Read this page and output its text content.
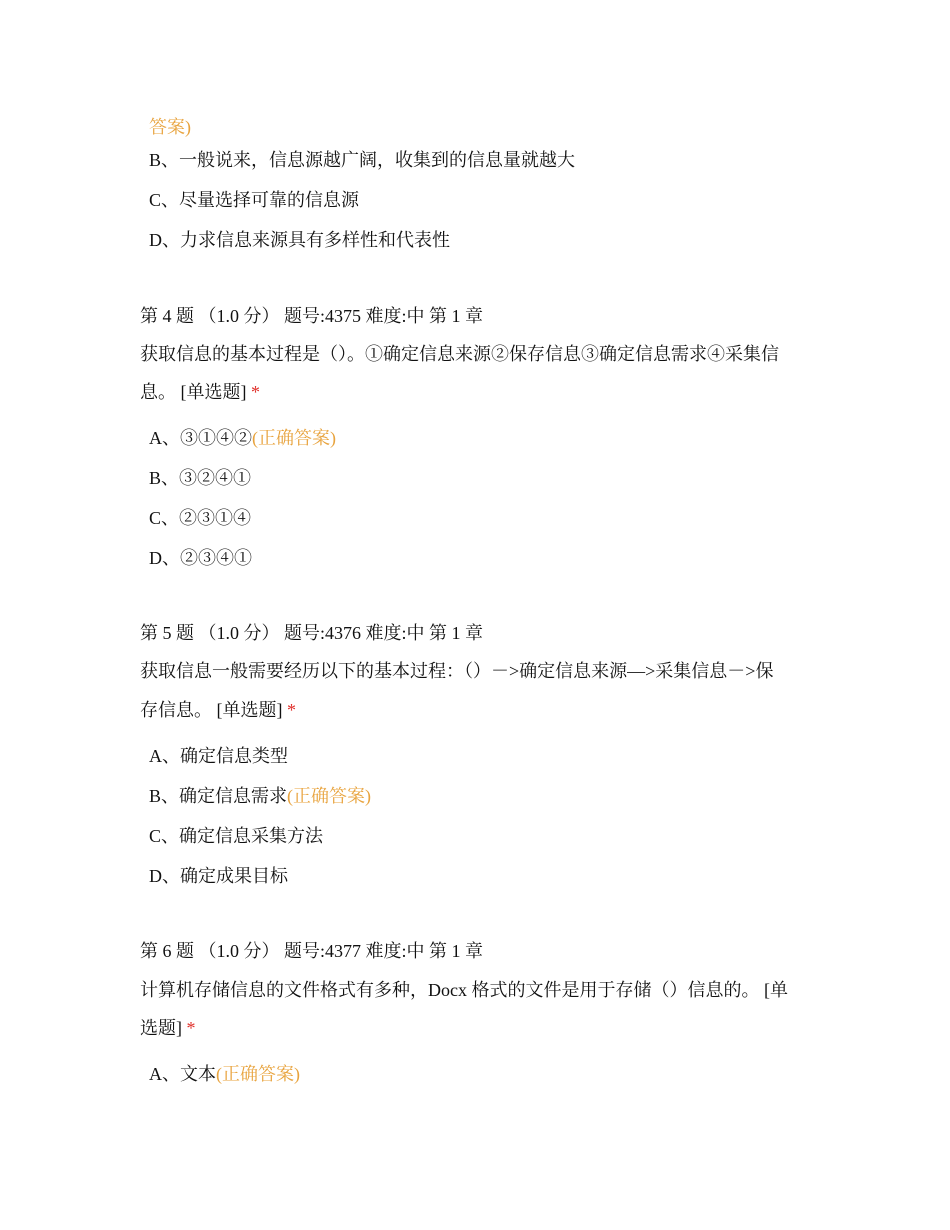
答案)
B、一般说来，信息源越广阔，收集到的信息量就越大
C、尽量选择可靠的信息源
D、力求信息来源具有多样性和代表性
第 4 题 （1.0 分） 题号:4375 难度:中 第 1 章
获取信息的基本过程是（）。①确定信息来源②保存信息③确定信息需求④采集信
息。 [单选题] *
A、③①④②(正确答案)
B、③②④①
C、②③①④
D、②③④①
第 5 题 （1.0 分） 题号:4376 难度:中 第 1 章
获取信息一般需要经历以下的基本过程：（）－>确定信息来源—>采集信息－>保
存信息。 [单选题] *
A、确定信息类型
B、确定信息需求(正确答案)
C、确定信息采集方法
D、确定成果目标
第 6 题 （1.0 分） 题号:4377 难度:中 第 1 章
计算机存储信息的文件格式有多种，Docx 格式的文件是用于存储（）信息的。 [单
选题] *
A、文本(正确答案)
